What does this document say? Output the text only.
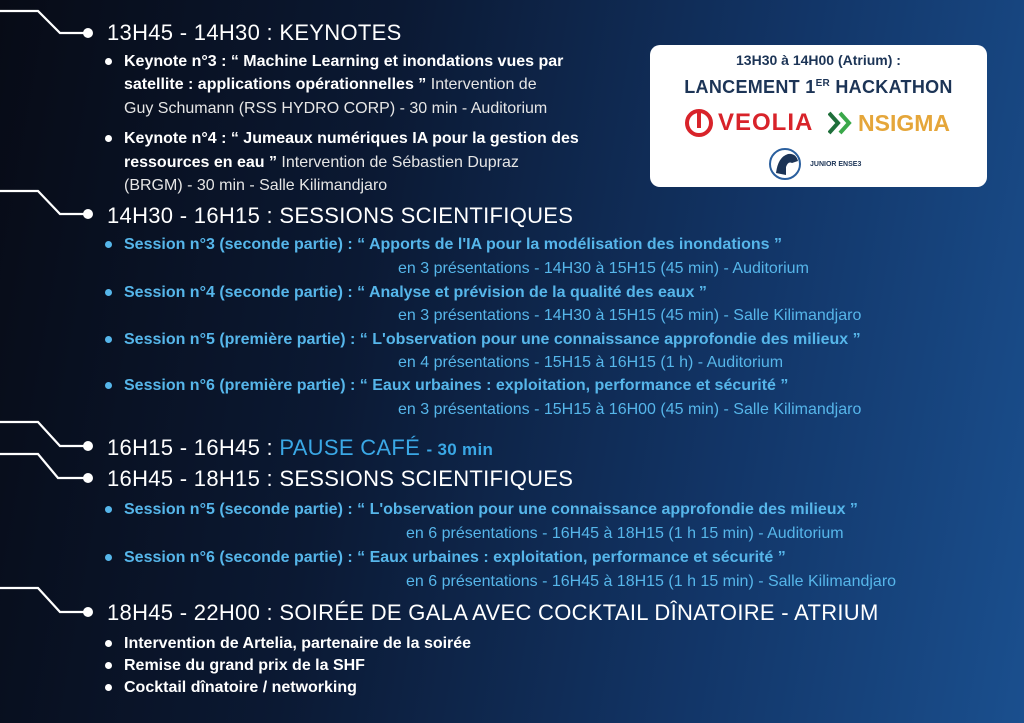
13H45 - 14H30 : KEYNOTES
Keynote n°3 : “ Machine Learning et inondations vues par
satellite : applications opérationnelles ” Intervention de
Guy Schumann (RSS HYDRO CORP) - 30 min - Auditorium
Keynote n°4 : “ Jumeaux numériques IA pour la gestion des
ressources en eau ” Intervention de Sébastien Dupraz
(BRGM) - 30 min - Salle Kilimandjaro
13H30 à 14H00 (Atrium) :
LANCEMENT 1ER HACKATHON
VEOLIA NSIGMA
JUNIOR ENSE3
14H30 - 16H15 : SESSIONS SCIENTIFIQUES
Session n°3 (seconde partie) : “ Apports de l'IA pour la modélisation des inondations ”
en 3 présentations - 14H30 à 15H15 (45 min) - Auditorium
Session n°4 (seconde partie) : “ Analyse et prévision de la qualité des eaux ”
en 3 présentations - 14H30 à 15H15 (45 min) - Salle Kilimandjaro
Session n°5 (première partie) : “ L'observation pour une connaissance approfondie des milieux ”
en 4 présentations - 15H15 à 16H15 (1 h) - Auditorium
Session n°6 (première partie) : “ Eaux urbaines : exploitation, performance et sécurité ”
en 3 présentations - 15H15 à 16H00 (45 min) - Salle Kilimandjaro
16H15 - 16H45 : PAUSE CAFÉ - 30 min
16H45 - 18H15 : SESSIONS SCIENTIFIQUES
Session n°5 (seconde partie) : “ L'observation pour une connaissance approfondie des milieux ”
en 6 présentations - 16H45 à 18H15 (1 h 15 min) - Auditorium
Session n°6 (seconde partie) : “ Eaux urbaines : exploitation, performance et sécurité ”
en 6 présentations - 16H45 à 18H15 (1 h 15 min) - Salle Kilimandjaro
18H45 - 22H00 : SOIRÉE DE GALA AVEC COCKTAIL DÎNATOIRE - ATRIUM
Intervention de Artelia, partenaire de la soirée
Remise du grand prix de la SHF
Cocktail dînatoire / networking
